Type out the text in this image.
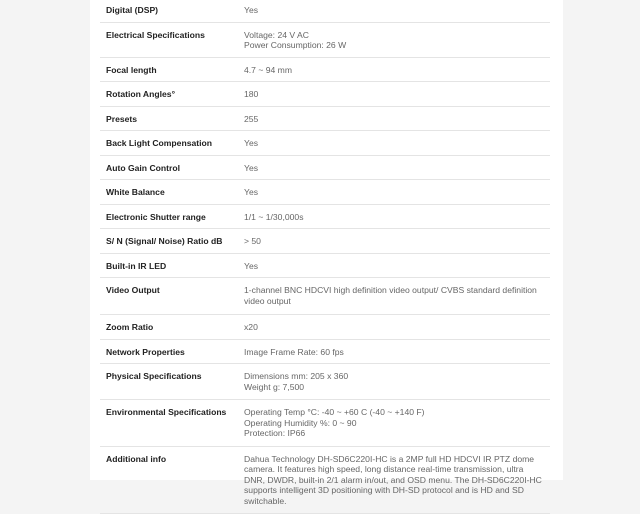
Digital (DSP)	Yes

Electrical Specifications	Voltage: 24 V AC
Power Consumption: 26 W

Focal length	4.7 ~ 94 mm

Rotation Angles°	180

Presets	255

Back Light Compensation	Yes

Auto Gain Control	Yes

White Balance	Yes

Electronic Shutter range	1/1 ~ 1/30,000s

S/ N (Signal/ Noise) Ratio dB	> 50

Built-in IR LED	Yes

Video Output	1-channel BNC HDCVI high definition video output/ CVBS standard definition video output

Zoom Ratio	x20

Network Properties	Image Frame Rate: 60 fps

Physical Specifications	Dimensions mm: 205 x 360
Weight g: 7,500

Environmental Specifications	Operating Temp °C: -40 ~ +60 C (-40 ~ +140 F)
Operating Humidity %: 0 ~ 90
Protection: IP66

Additional info	Dahua Technology DH-SD6C220I-HC is a 2MP full HD HDCVI IR PTZ dome camera. It features high speed, long distance real-time transmission, ultra DNR, DWDR, built-in 2/1 alarm in/out, and OSD menu. The DH-SD6C220I-HC supports intelligent 3D positioning with DH-SD protocol and is HD and SD switchable.
